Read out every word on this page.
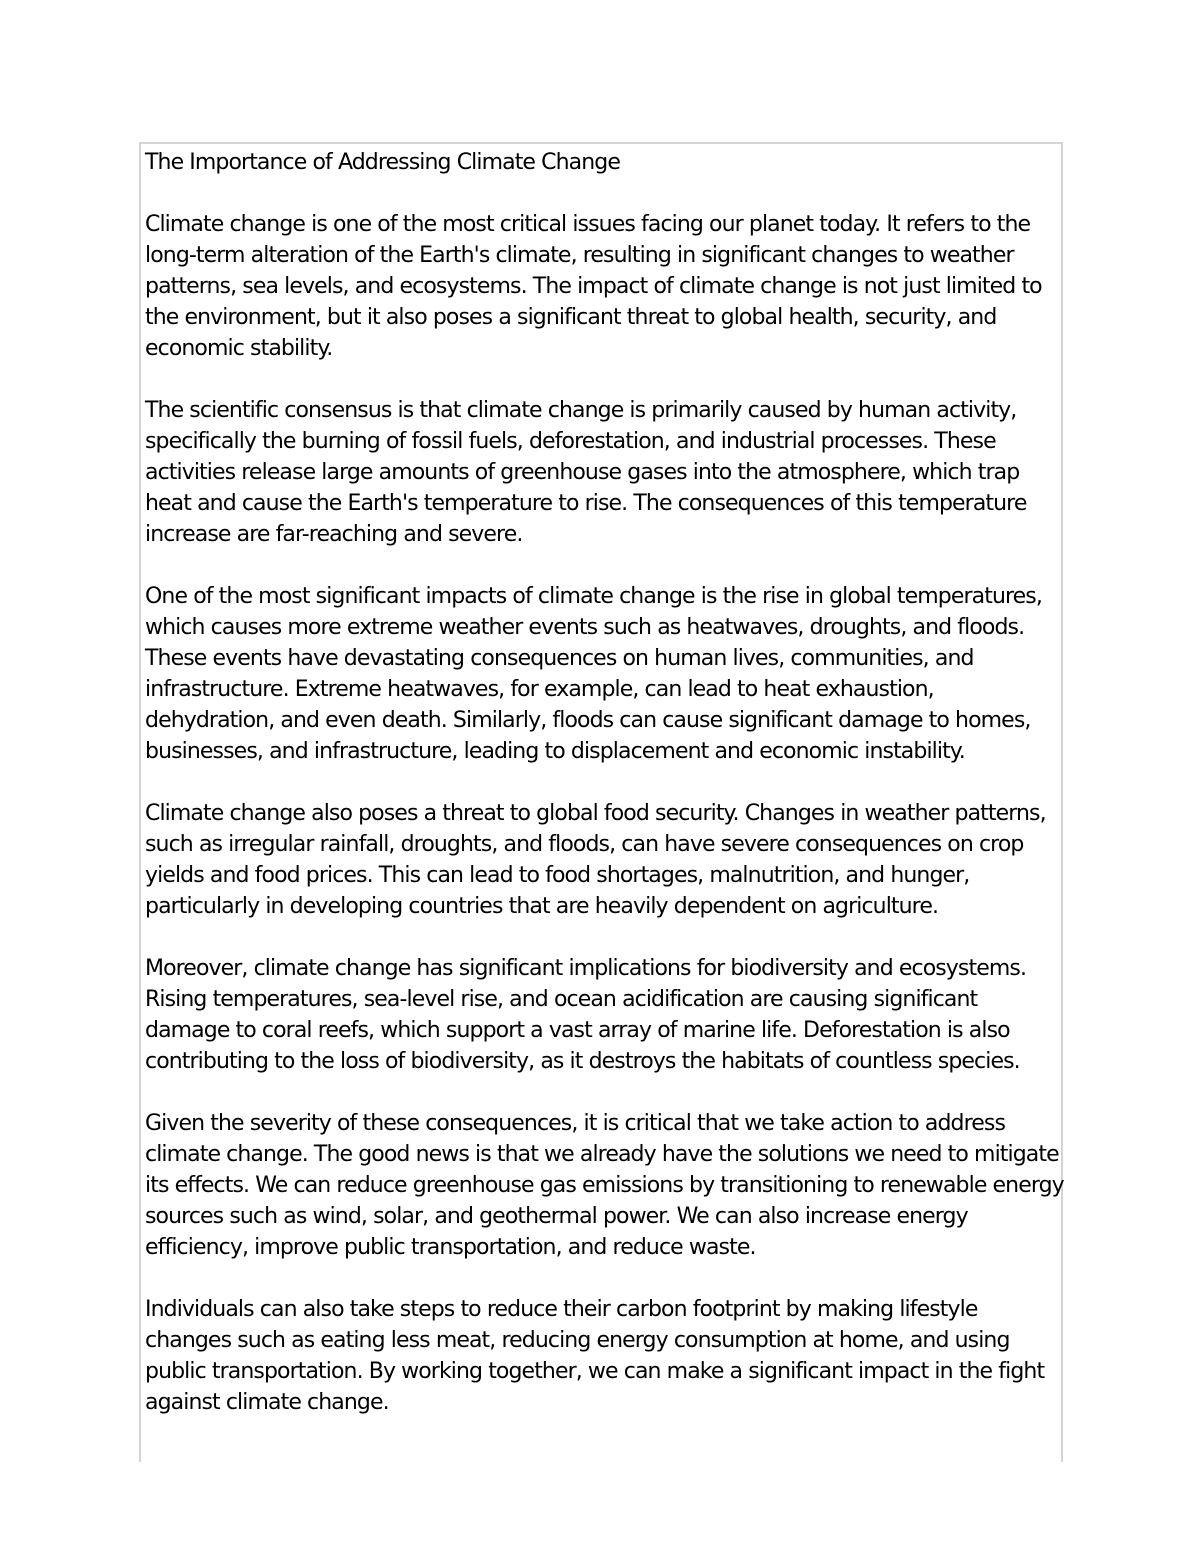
The Importance of Addressing Climate Change

Climate change is one of the most critical issues facing our planet today. It refers to the long-term alteration of the Earth's climate, resulting in significant changes to weather patterns, sea levels, and ecosystems. The impact of climate change is not just limited to the environment, but it also poses a significant threat to global health, security, and economic stability.

The scientific consensus is that climate change is primarily caused by human activity, specifically the burning of fossil fuels, deforestation, and industrial processes. These activities release large amounts of greenhouse gases into the atmosphere, which trap heat and cause the Earth's temperature to rise. The consequences of this temperature increase are far-reaching and severe.

One of the most significant impacts of climate change is the rise in global temperatures, which causes more extreme weather events such as heatwaves, droughts, and floods. These events have devastating consequences on human lives, communities, and infrastructure. Extreme heatwaves, for example, can lead to heat exhaustion, dehydration, and even death. Similarly, floods can cause significant damage to homes, businesses, and infrastructure, leading to displacement and economic instability.

Climate change also poses a threat to global food security. Changes in weather patterns, such as irregular rainfall, droughts, and floods, can have severe consequences on crop yields and food prices. This can lead to food shortages, malnutrition, and hunger, particularly in developing countries that are heavily dependent on agriculture.

Moreover, climate change has significant implications for biodiversity and ecosystems. Rising temperatures, sea-level rise, and ocean acidification are causing significant damage to coral reefs, which support a vast array of marine life. Deforestation is also contributing to the loss of biodiversity, as it destroys the habitats of countless species.

Given the severity of these consequences, it is critical that we take action to address climate change. The good news is that we already have the solutions we need to mitigate its effects. We can reduce greenhouse gas emissions by transitioning to renewable energy sources such as wind, solar, and geothermal power. We can also increase energy efficiency, improve public transportation, and reduce waste.

Individuals can also take steps to reduce their carbon footprint by making lifestyle changes such as eating less meat, reducing energy consumption at home, and using public transportation. By working together, we can make a significant impact in the fight against climate change.
